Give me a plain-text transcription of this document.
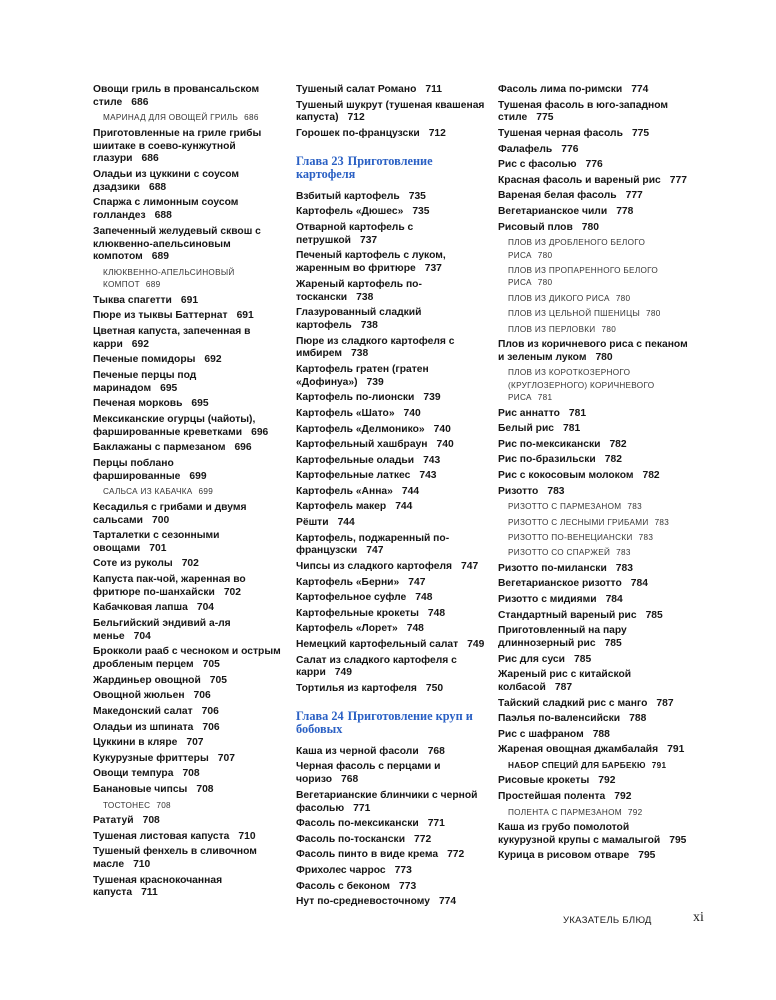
Овощи гриль в провансальском стиле 686
МАРИНАД ДЛЯ ОВОЩЕЙ ГРИЛЬ 686
Приготовленные на гриле грибы шиитаке в соево-кунжутной глазури 686
Оладьи из цуккини с соусом дзадзики 688
Спаржа с лимонным соусом голландез 688
Запеченный желудевый сквош с клюквенно-апельсиновым компотом 689
КЛЮКВЕННО-АПЕЛЬСИНОВЫЙ КОМПОТ 689
Тыква спагетти 691
Пюре из тыквы Баттернат 691
Цветная капуста, запеченная в карри 692
Печеные помидоры 692
Печеные перцы под маринадом 695
Печеная морковь 695
Мексиканские огурцы (чайоты), фаршированные креветками 696
Баклажаны с пармезаном 696
Перцы поблано фаршированные 699
САЛЬСА ИЗ КАБАЧКА 699
Кесадилья с грибами и двумя сальсами 700
Тарталетки с сезонными овощами 701
Соте из руколы 702
Капуста пак-чой, жаренная во фритюре по-шанхайски 702
Кабачковая лапша 704
Бельгийский эндивий а-ля меньe 704
Брокколи рааб с чесноком и острым дробленым перцем 705
Жардиньер овощной 705
Овощной жюльен 706
Македонский салат 706
Оладьи из шпината 706
Цуккини в кляре 707
Кукурузные фриттеры 707
Овощи темпура 708
Банановые чипсы 708
ТОСТОНЕС 708
Рататуй 708
Тушеная листовая капуста 710
Тушеный фенхель в сливочном масле 710
Тушеная краснокочанная капуста 711
Тушеный салат Романо 711
Тушеный шукрут (тушеная квашеная капуста) 712
Горошек по-французски 712
Глава 23 Приготовление картофеля
Взбитый картофель 735
Картофель «Дюшес» 735
Отварной картофель с петрушкой 737
Печеный картофель с луком, жаренным во фритюре 737
Жареный картофель по-тоскански 738
Глазурованный сладкий картофель 738
Пюре из сладкого картофеля с имбирем 738
Картофель гратен (гратен «Дофинуа») 739
Картофель по-лионски 739
Картофель «Шато» 740
Картофель «Делмонико» 740
Картофельный хашбраун 740
Картофельные оладьи 743
Картофельные латкес 743
Картофель «Анна» 744
Картофель макер 744
Рёшти 744
Картофель, поджаренный по-французски 747
Чипсы из сладкого картофеля 747
Картофель «Берни» 747
Картофельное суфле 748
Картофельные крокеты 748
Картофель «Лорет» 748
Немецкий картофельный салат 749
Салат из сладкого картофеля с карри 749
Тортилья из картофеля 750
Глава 24 Приготовление круп и бобовых
Каша из черной фасоли 768
Черная фасоль с перцами и чоризо 768
Вегетарианские блинчики с черной фасолью 771
Фасоль по-мексикански 771
Фасоль по-тоскански 772
Фасоль пинто в виде крема 772
Фрихолес чаррос 773
Фасоль с беконом 773
Нут по-средневосточному 774
Фасоль лима по-римски 774
Тушеная фасоль в юго-западном стиле 775
Тушеная черная фасоль 775
Фалафель 776
Рис с фасолью 776
Красная фасоль и вареный рис 777
Вареная белая фасоль 777
Вегетарианское чили 778
Рисовый плов 780
ПЛОВ ИЗ ДРОБЛЕНОГО БЕЛОГО РИСА 780
ПЛОВ ИЗ ПРОПАРЕННОГО БЕЛОГО РИСА 780
ПЛОВ ИЗ ДИКОГО РИСА 780
ПЛОВ ИЗ ЦЕЛЬНОЙ ПШЕНИЦЫ 780
ПЛОВ ИЗ ПЕРЛОВКИ 780
Плов из коричневого риса с пеканом и зеленым луком 780
ПЛОВ ИЗ КОРОТКОЗЕРНОГО (КРУГЛОЗЕРНОГО) КОРИЧНЕВОГО РИСА 781
Рис аннатто 781
Белый рис 781
Рис по-мексикански 782
Рис по-бразильски 782
Рис с кокосовым молоком 782
Ризотто 783
РИЗОТТО С ПАРМЕЗАНОМ 783
РИЗОТТО С ЛЕСНЫМИ ГРИБАМИ 783
РИЗОТТО ПО-ВЕНЕЦИАНСКИ 783
РИЗОТТО СО СПАРЖЕЙ 783
Ризотто по-милански 783
Вегетарианское ризотто 784
Ризотто с мидиями 784
Стандартный вареный рис 785
Приготовленный на пару длиннозерный рис 785
Рис для суси 785
Жареный рис с китайской колбасой 787
Тайский сладкий рис с манго 787
Паэлья по-валенсийски 788
Рис с шафраном 788
Жареная овощная джамбалайя 791
НАБОР СПЕЦИЙ ДЛЯ БАРБЕКЮ 791
Рисовые крокеты 792
Простейшая полента 792
ПОЛЕНТА С ПАРМЕЗАНОМ 792
Каша из грубо помолотой кукурузной крупы с мамалыгой 795
Курица в рисовом отваре 795
УКАЗАТЕЛЬ БЛЮД	xi
